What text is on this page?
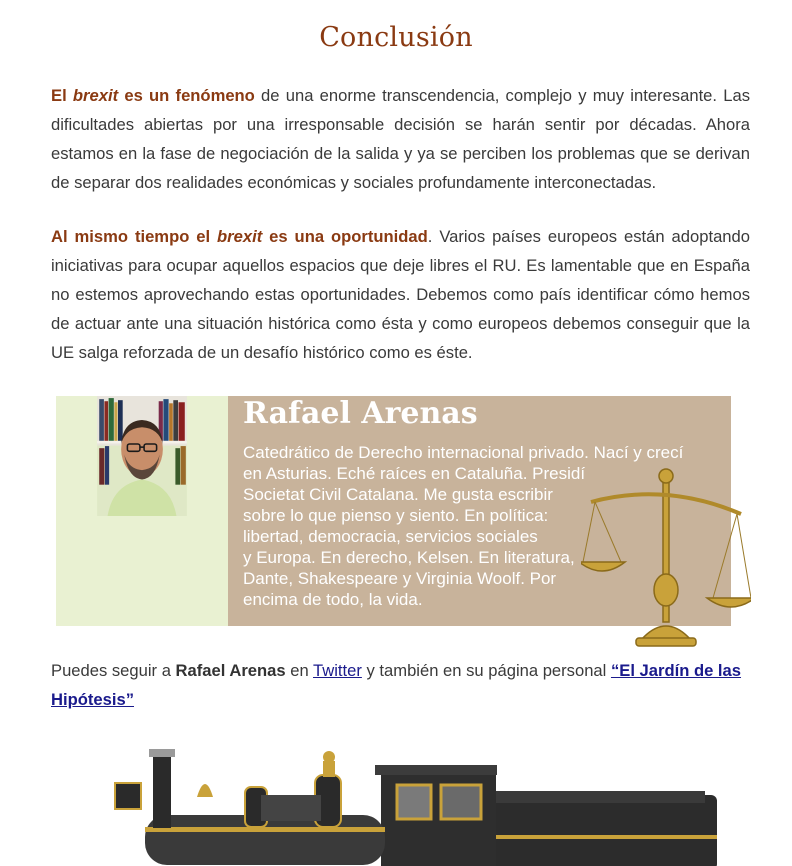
Conclusión

El brexit es un fenómeno de una enorme transcendencia, complejo y muy interesante. Las dificultades abiertas por una irresponsable decisión se harán sentir por décadas. Ahora estamos en la fase de negociación de la salida y ya se perciben los problemas que se derivan de separar dos realidades económicas y sociales profundamente interconectadas.

Al mismo tiempo el brexit es una oportunidad. Varios países europeos están adoptando iniciativas para ocupar aquellos espacios que deje libres el RU. Es lamentable que en España no estemos aprovechando estas oportunidades. Debemos como país identificar cómo hemos de actuar ante una situación histórica como ésta y como europeos debemos conseguir que la UE salga reforzada de un desafío histórico como es éste.

Rafael Arenas

Catedrático de Derecho internacional privado. Nací y crecí
en Asturias. Eché raíces en Cataluña. Presidí
Societat Civil Catalana. Me gusta escribir
sobre lo que pienso y siento. En política:
libertad, democracia, servicios sociales
y Europa. En derecho, Kelsen. En literatura,
Dante, Shakespeare y Virginia Woolf. Por
encima de todo, la vida.

Puedes seguir a Rafael Arenas en Twitter y también en su página personal “El Jardín de las Hipótesis”
